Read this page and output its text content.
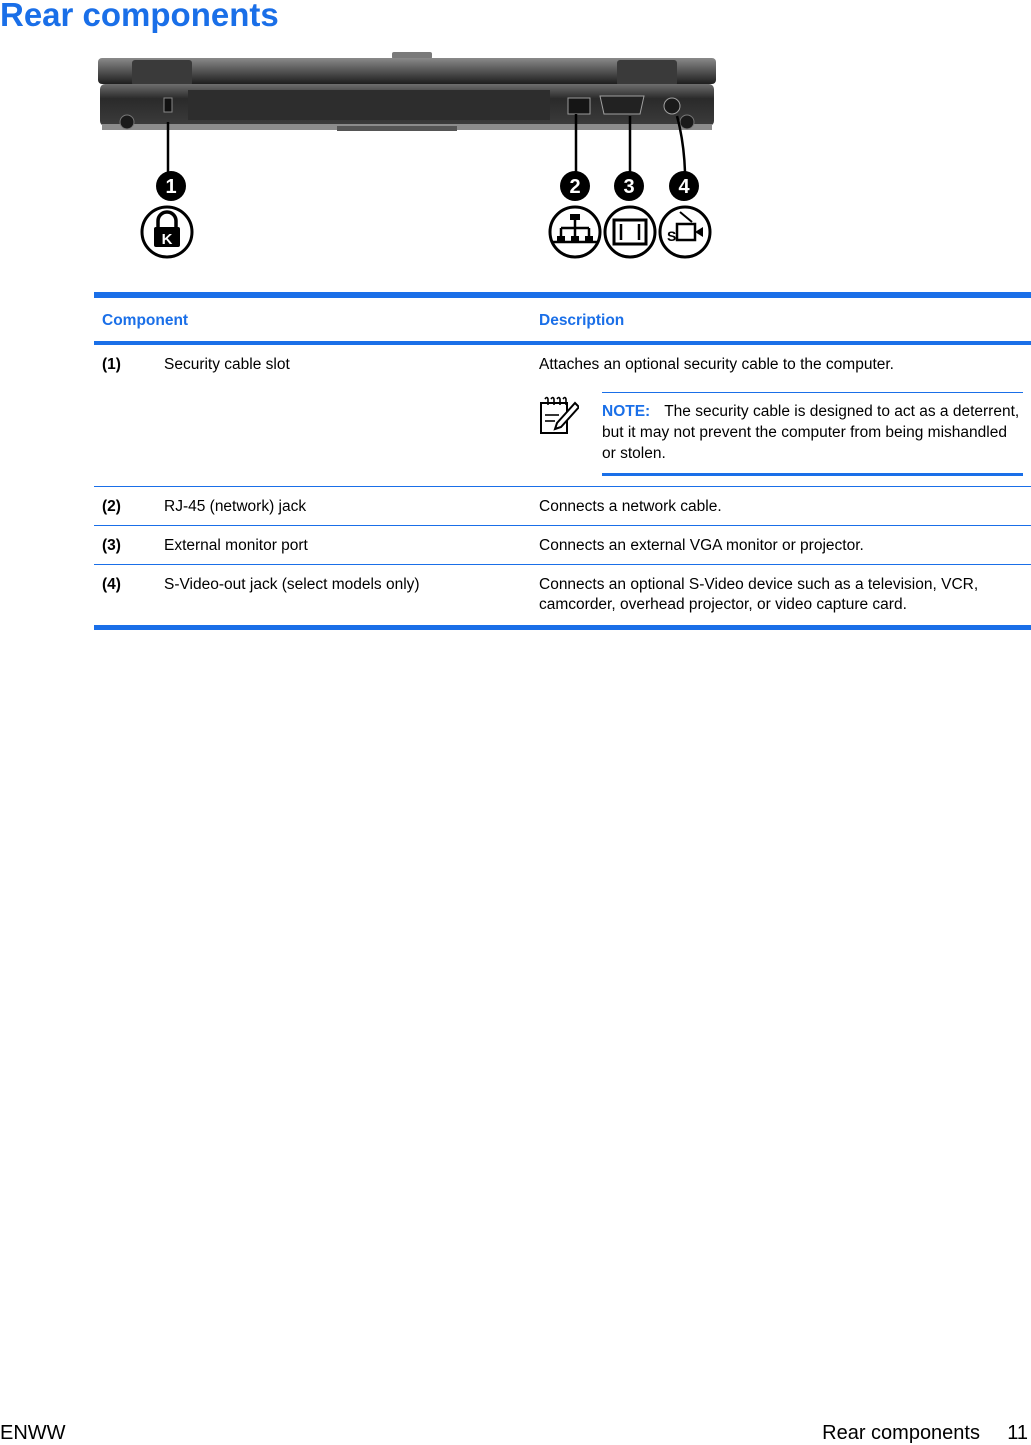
Rear components
1	2 3 4
K	S
Component		Description
(1)	Security cable slot	Attaches an optional security cable to the computer.
NOTE: The security cable is designed to act as a deterrent, but it may not prevent the computer from being mishandled or stolen.

(2)	RJ-45 (network) jack	Connects a network cable.
(3)	External monitor port	Connects an external VGA monitor or projector.
(4)	S-Video-out jack (select models only)	Connects an optional S-Video device such as a television, VCR, camcorder, overhead projector, or video capture card.
ENWW	Rear components 11
